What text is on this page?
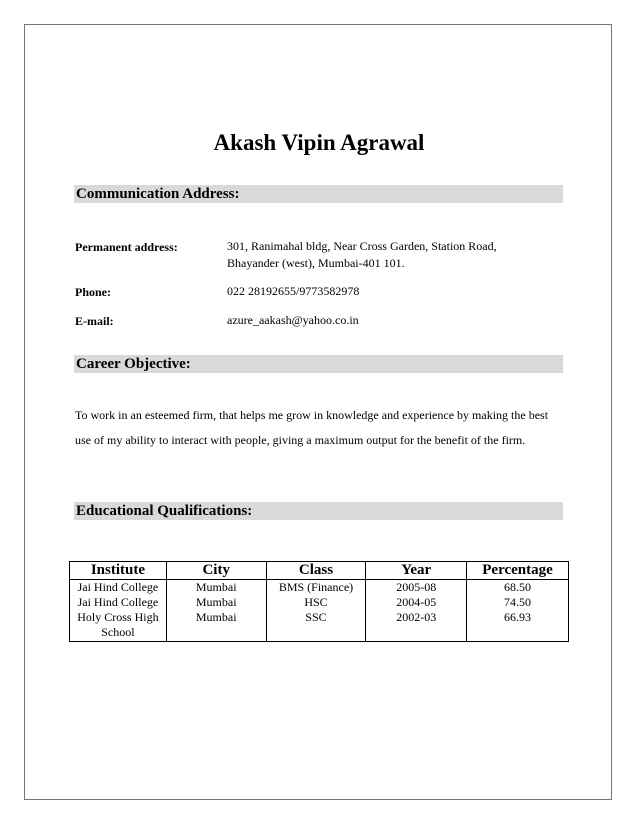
Akash Vipin Agrawal
Communication Address:
Permanent address:	301, Ranimahal bldg, Near Cross Garden, Station Road,
Bhayander (west), Mumbai-401 101.
Phone:	022 28192655/9773582978
E-mail:	azure_aakash@yahoo.co.in
Career Objective:
To work in an esteemed firm, that helps me grow in knowledge and experience by making the best use of my ability to interact with people, giving a maximum output for the benefit of the firm.
Educational Qualifications:
Institute	City	Class	Year	Percentage
Jai Hind College	Mumbai	BMS (Finance)	2005-08	68.50
Jai Hind College	Mumbai	HSC	2004-05	74.50
Holy Cross High School	Mumbai	SSC	2002-03	66.93
